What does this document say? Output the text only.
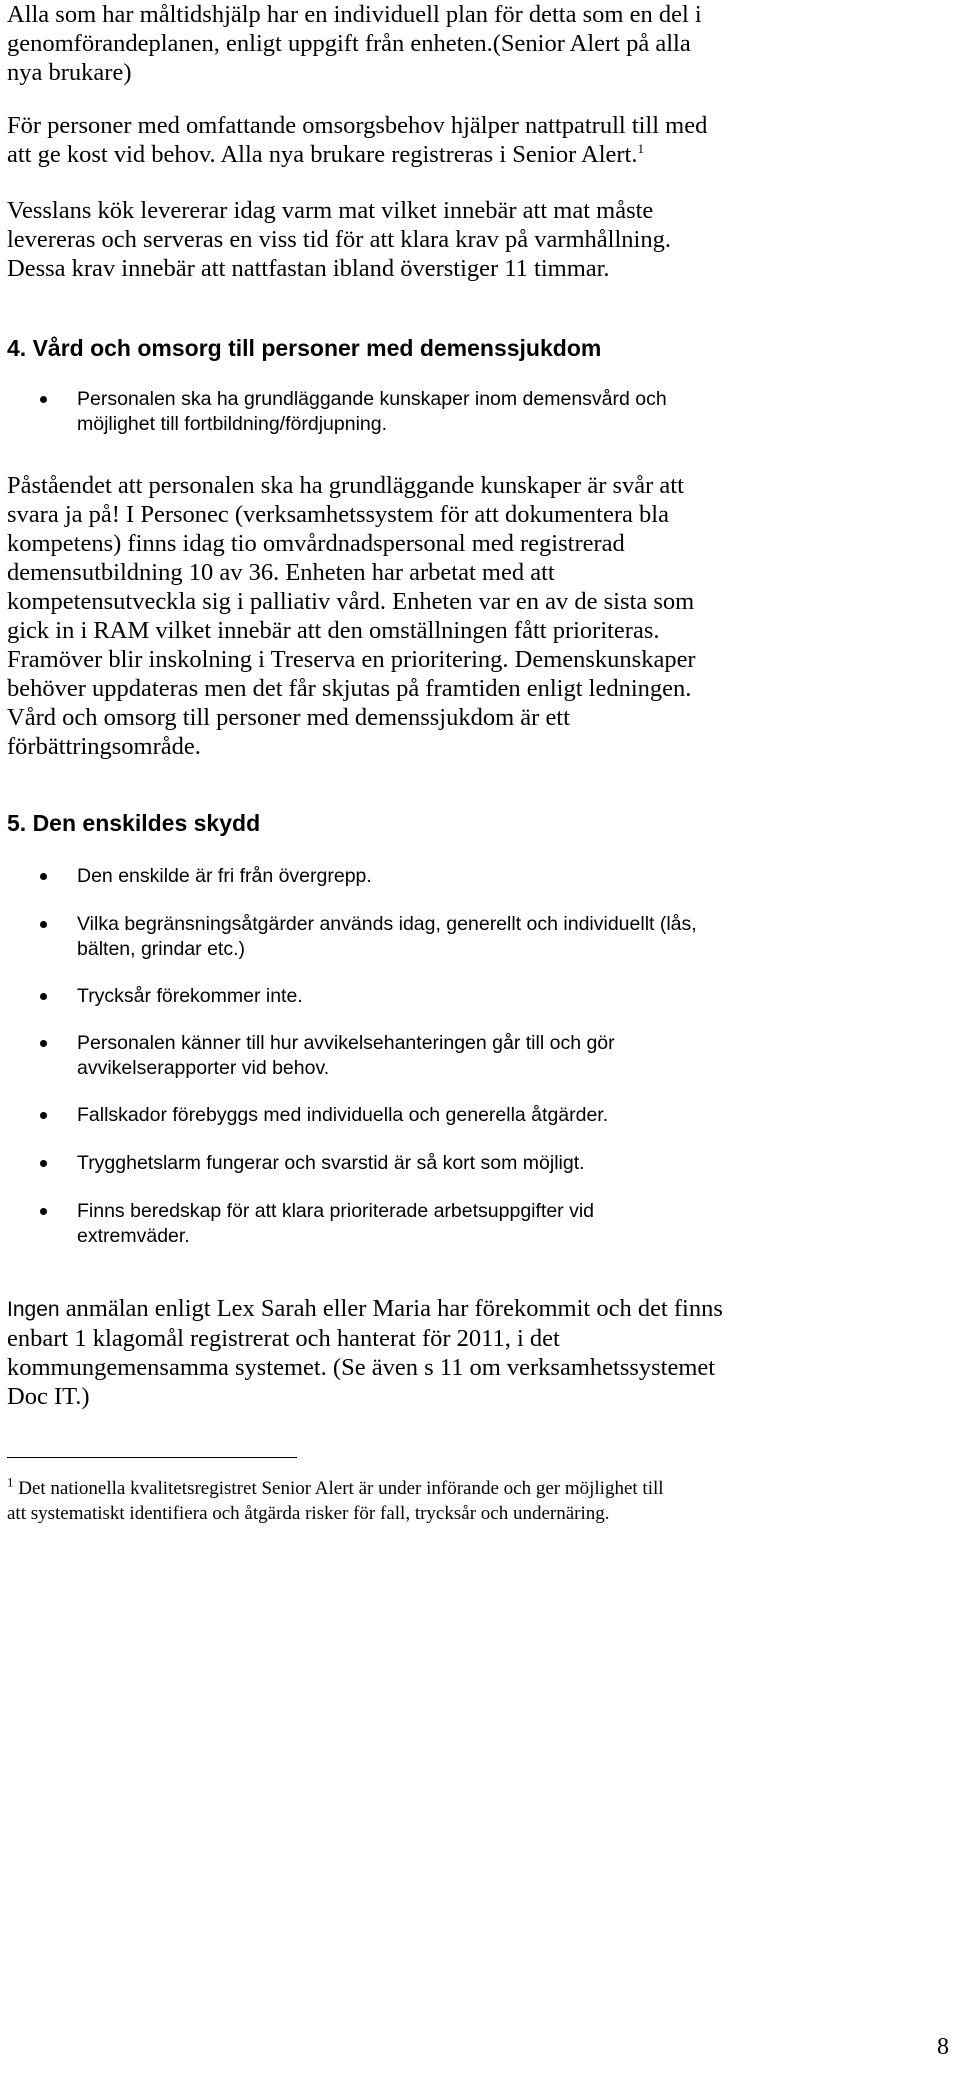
Alla som har måltidshjälp har en individuell plan för detta som en del i
genomförandeplanen, enligt uppgift från enheten.(Senior Alert på alla
nya brukare)

För personer med omfattande omsorgsbehov hjälper nattpatrull till med
att ge kost vid behov. Alla nya brukare registreras i Senior Alert.$^1$

Vesslans kök levererar idag varm mat vilket innebär att mat måste
levereras och serveras en viss tid för att klara krav på varmhållning.
Dessa krav innebär att nattfastan ibland överstiger 11 timmar.

4. Vård och omsorg till personer med demenssjukdom
Personalen ska ha grundläggande kunskaper inom demensvård och
möjlighet till fortbildning/fördjupning.

Påståendet att personalen ska ha grundläggande kunskaper är svår att
svara ja på! I Personec (verksamhetssystem för att dokumentera bla
kompetens) finns idag tio omvårdnadspersonal med registrerad
demensutbildning 10 av 36. Enheten har arbetat med att
kompetensutveckla sig i palliativ vård. Enheten var en av de sista som
gick in i RAM vilket innebär att den omställningen fått prioriteras.
Framöver blir inskolning i Treserva en prioritering. Demenskunskaper
behöver uppdateras men det får skjutas på framtiden enligt ledningen.
Vård och omsorg till personer med demenssjukdom är ett
förbättringsområde.

5. Den enskildes skydd
Den enskilde är fri från övergrepp.
Vilka begränsningsåtgärder används idag, generellt och individuellt (lås,
bälten, grindar etc.)
Trycksår förekommer inte.
Personalen känner till hur avvikelsehanteringen går till och gör
avvikelserapporter vid behov.
Fallskador förebyggs med individuella och generella åtgärder.
Trygghetslarm fungerar och svarstid är så kort som möjligt.
Finns beredskap för att klara prioriterade arbetsuppgifter vid
extremväder.

Ingen anmälan enligt Lex Sarah eller Maria har förekommit och det finns
enbart 1 klagomål registrerat och hanterat för 2011, i det
kommungemensamma systemet. (Se även s 11 om verksamhetssystemet
Doc IT.)

$^1$ Det nationella kvalitetsregistret Senior Alert är under införande och ger möjlighet till
att systematiskt identifiera och åtgärda risker för fall, trycksår och undernäring.
8
